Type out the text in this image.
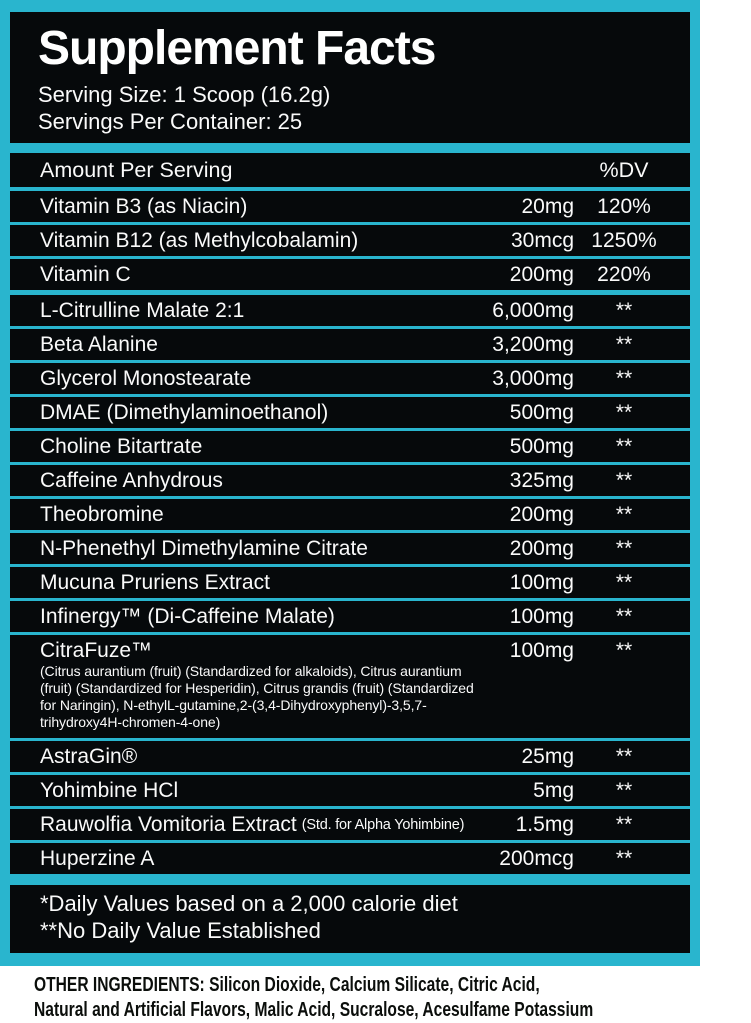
Supplement Facts
Serving Size: 1 Scoop (16.2g)
Servings Per Container: 25
Amount Per Serving	%DV
Vitamin B3 (as Niacin)	20mg	120%
Vitamin B12 (as Methylcobalamin)	30mcg 1250%
Vitamin C	200mg	220%
L-Citrulline Malate 2:1	6,000mg	**
Beta Alanine	3,200mg	**
Glycerol Monostearate	3,000mg	**
DMAE (Dimethylaminoethanol)	500mg	**
Choline Bitartrate	500mg	**
Caffeine Anhydrous	325mg	**
Theobromine	200mg	**
N-Phenethyl Dimethylamine Citrate	200mg	**
Mucuna Pruriens Extract	100mg	**
Infinergy™ (Di-Caffeine Malate)	100mg	**
CitraFuze™	100mg	**
(Citrus aurantium (fruit) (Standardized for alkaloids), Citrus aurantium (fruit) (Standardized for Hesperidin), Citrus grandis (fruit) (Standardized for Naringin), N-ethylL-gutamine,2-(3,4-Dihydroxyphenyl)-3,5,7-trihydroxy4H-chromen-4-one)
AstraGin®	25mg	**
Yohimbine HCl	5mg	**
Rauwolfia Vomitoria Extract (Std. for Alpha Yohimbine) 1.5mg	**
Huperzine A	200mcg	**
*Daily Values based on a 2,000 calorie diet
**No Daily Value Established
OTHER INGREDIENTS: Silicon Dioxide, Calcium Silicate, Citric Acid,
Natural and Artificial Flavors, Malic Acid, Sucralose, Acesulfame Potassium
